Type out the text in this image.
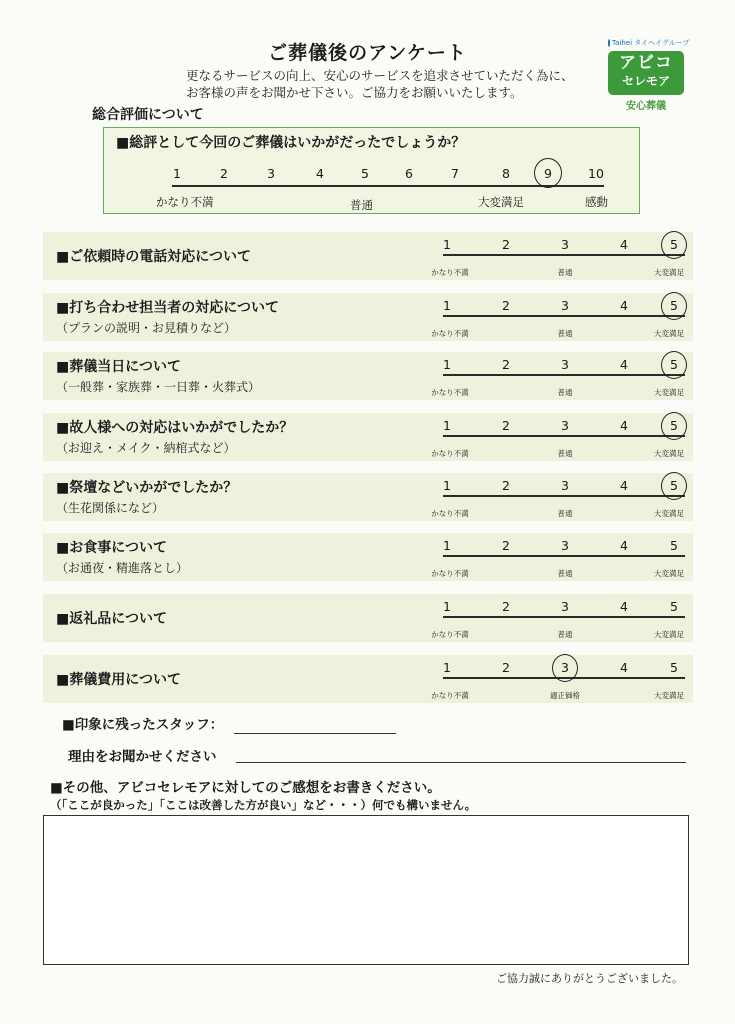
ご葬儀後のアンケート
更なるサービスの向上、安心のサービスを追求させていただく為に、
お客様の声をお聞かせ下さい。ご協力をお願いいたします。
Taihei タイヘイグループ
アビコ
セレモア
安心葬儀
総合評価について
■総評として今回のご葬儀はいかがだったでしょうか？
1	2	3	4	5	6	7	8	9	10
かなり不満	普通	大変満足	感動
■ご依頼時の電話対応について
1	2	3	4	5
かなり不満	普通	大変満足
■打ち合わせ担当者の対応について
（プランの説明・お見積りなど）
1	2	3	4	5
かなり不満	普通	大変満足
■葬儀当日について
（一般葬・家族葬・一日葬・火葬式）
1	2	3	4	5
かなり不満	普通	大変満足
■故人様への対応はいかがでしたか？
（お迎え・メイク・納棺式など）
1	2	3	4	5
かなり不満	普通	大変満足
■祭壇などいかがでしたか？
（生花関係になど）
1	2	3	4	5
かなり不満	普通	大変満足
■お食事について
（お通夜・精進落とし）
1	2	3	4	5
かなり不満	普通	大変満足
■返礼品について
1	2	3	4	5
かなり不満	普通	大変満足
■葬儀費用について
1	2	3	4	5
かなり不満	適正価格	大変満足
■印象に残ったスタッフ：
理由をお聞かせください
■その他、アビコセレモアに対してのご感想をお書きください。
（「ここが良かった」「ここは改善した方が良い」など・・・）何でも構いません。
ご協力誠にありがとうございました。
